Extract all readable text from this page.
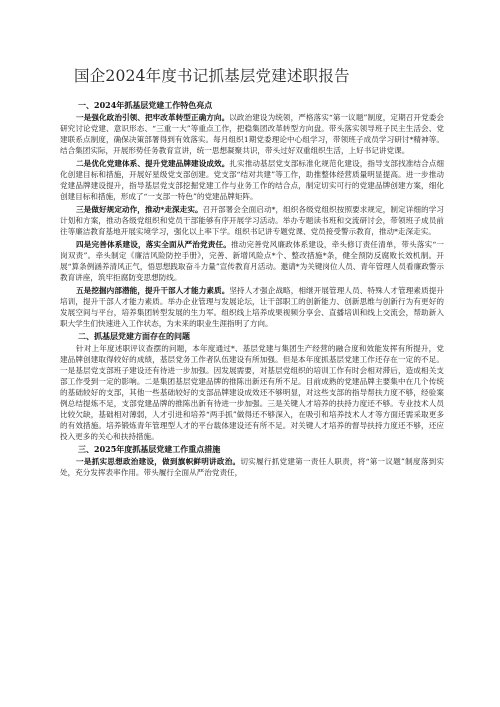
国企2024年度书记抓基层党建述职报告
一、2024年抓基层党建工作特色亮点

一是强化政治引领、把牢改革转型正确方向。以政治建设为统领，严格落实“第一议题”制度，定期召开党委会研究讨论党建、意识形态、“三重一大”等重点工作，把稳集团改革转型方向盘。带头落实领导班子民主生活会、党建联系点制度，确保决策部署得到有效落实。每月组织1期党委理论中心组学习，带领班子成员学习研讨*精神等。结合集团实际，开展形势任务教育宣讲，统一思想凝聚共识，带头过好双重组织生活，上好书记讲党课。

二是优化党建体系、提升党建品牌建设成效。扎实推动基层党支部标准化规范化建设，指导支部找准结合点细化创建目标和措施，开展好星级党支部创建。党支部“结对共建”等工作，助推整体经营质量明显提高。进一步推动党建品牌建设提升，指导基层党支部挖掘党建工作与业务工作的结合点，制定切实可行的党建品牌创建方案，细化创建目标和措施，形成了“一支部一特色”的党建品牌矩阵。

三是做好规定动作，推动*走深走实。召开部署会全面启动*，组织各级党组织按照要求规定，制定详细的学习计划和方案，推动各级党组织和党员干部能够有序开展学习活动。举办专题读书班和交流研讨会，带领班子成员前往等廉洁教育基地开展实境学习，强化以上率下学。组织书记讲专题党课、党员接受警示教育，推动*走深走实。

四是完善体系建设，落实全面从严治党责任。推动完善党风廉政体系建设，牵头修订责任清单，带头落实“一岗双责”。牵头制定《廉洁风险防控手册》，完善、新增风险点*个、整改措施*条，健全预防反腐败长效机制。开展“算条例涵养清风正气，悟思想践取奋斗力量”宣传教育月活动。邀请*为关键岗位人员、青年管理人员看廉政警示教育讲座，筑牢拒腐防变思想防线。

五是挖掘内部潜能，提升干部人才能力素质。坚持人才强企战略，相继开展管理人员、特殊人才管理素质提升培训，提升干部人才能力素质。举办企业管理与发展论坛，让干部职工的创新能力、创新思维与创新行为有更好的发展空间与平台，培养集团转型发展的生力军。组织线上培养成果视频分享会、直播培训和线上交流会，帮助新入职大学生们快速进入工作状态，为未来的职业生涯指明了方向。

二、抓基层党建方面存在的问题

针对上年度述职评议查摆的问题，本年度通过*、基层党建与集团生产经营的融合度和效能发挥有所提升，党建品牌创建取得较好的成绩，基层党务工作者队伍建设有所加强。但是本年度抓基层党建工作还存在一定的不足。一是基层党支部班子建设还有待进一步加强。因发展需要，对基层党组织的培训工作有时会相对滞后，造成相关支部工作受到一定的影响。二是集团基层党建品牌的推陈出新还有所不足。目前成熟的党建品牌主要集中在几个传统的基础较好的支部，其他一些基础较好的支部品牌建设成效还不够明显，对这些支部的指导帮扶力度不够，经验案例总结提炼不足，支部党建品牌的推陈出新有待进一步加强。三是关键人才培养的扶持力度还不够。专业技术人员比较欠缺，基础相对薄弱，人才引进和培养“两手抓”做得还不够深入，在吸引和培养技术人才等方面还需采取更多的有效措施。培养锻炼青年管理型人才的平台载体建设还有所不足。对关键人才培养的督导扶持力度还不够，还应投入更多的关心和扶持措施。

三、2025年度抓基层党建工作重点措施

一是抓实思想政治建设，做到旗帜鲜明讲政治。切实履行抓党建第一责任人职责，将“第一议题”制度落到实处，充分发挥表率作用。带头履行全面从严治党责任，
